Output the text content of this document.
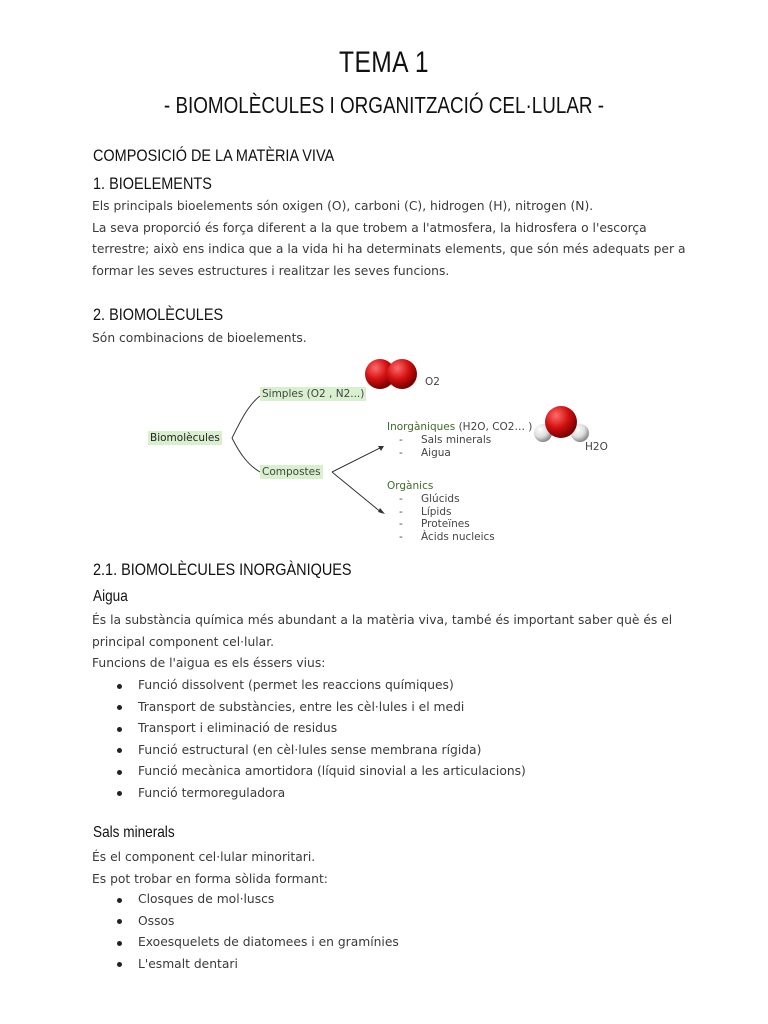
TEMA 1
- BIOMOLÈCULES I ORGANITZACIÓ CEL·LULAR -
COMPOSICIÓ DE LA MATÈRIA VIVA
1. BIOELEMENTS
Els principals bioelements són oxigen (O), carboni (C), hidrogen (H), nitrogen (N).
La seva proporció és força diferent a la que trobem a l'atmosfera, la hidrosfera o l'escorça
terrestre; això ens indica que a la vida hi ha determinats elements, que són més adequats per a
formar les seves estructures i realitzar les seves funcions.
2. BIOMOLÈCULES
Són combinacions de bioelements.
Biomolècules
Simples (O2 , N2...)
Compostes
O2
H2O
Inorgàniques (H2O, CO2… )
- Sals minerals
- Aigua
Orgànics
- Glúcids
- Lípids
- Proteïnes
- Àcids nucleics
2.1. BIOMOLÈCULES INORGÀNIQUES
Aigua
És la substància química més abundant a la matèria viva, també és important saber què és el
principal component cel·lular.
Funcions de l'aigua es els éssers vius:
Funció dissolvent (permet les reaccions químiques)
Transport de substàncies, entre les cèl·lules i el medi
Transport i eliminació de residus
Funció estructural (en cèl·lules sense membrana rígida)
Funció mecànica amortidora (líquid sinovial a les articulacions)
Funció termoreguladora
Sals minerals
És el component cel·lular minoritari.
Es pot trobar en forma sòlida formant:
Closques de mol·luscs
Ossos
Exoesquelets de diatomees i en gramínies
L'esmalt dentari
